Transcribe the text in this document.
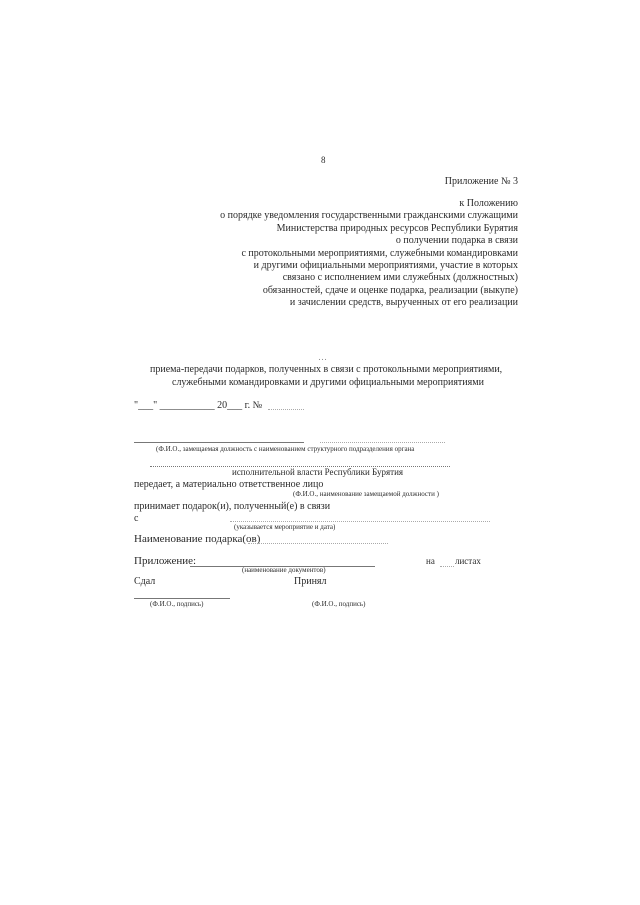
8
Приложение № 3
к Положению
о порядке уведомления государственными гражданскими служащими
Министерства природных ресурсов Республики Бурятия
о получении подарка в связи
с протокольными мероприятиями, служебными командировками
и другими официальными мероприятиями, участие в которых
связано с исполнением ими служебных (должностных)
обязанностей, сдаче и оценке подарка, реализации (выкупе)
и зачислении средств, вырученных от его реализации
…
приема-передачи подарков, полученных в связи с протокольными мероприятиями,
служебными командировками и другими официальными мероприятиями
"___" ___________ 20___ г. №
(Ф.И.О., замещаемая должность с наименованием структурного подразделения органа
исполнительной власти Республики Бурятия
передает, а материально ответственное лицо
(Ф.И.О., наименование замещаемой должности )
принимает подарок(и), полученный(е) в связи
с
(указывается мероприятие и дата)
Наименование подарка(ов)
Приложение:	на листах
(наименование документов)
Сдал	Принял
(Ф.И.О., подпись)	(Ф.И.О., подпись)
